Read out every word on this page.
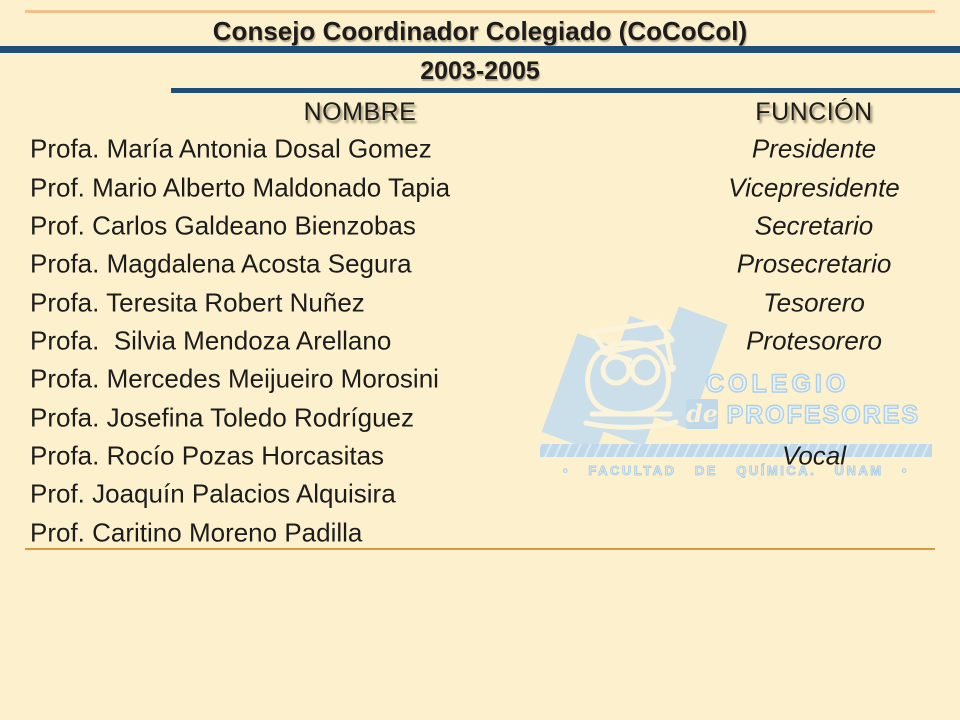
Consejo Coordinador Colegiado (CoCoCol)
2003-2005
NOMBRE	FUNCIÓN
COLEGIO
de PROFESORES
•   FACULTAD   DE   QUÍMICA.   UNAM   •
Profa. María Antonia Dosal Gomez	Presidente
Prof. Mario Alberto Maldonado Tapia	Vicepresidente
Prof. Carlos Galdeano Bienzobas	Secretario
Profa. Magdalena Acosta Segura	Prosecretario
Profa. Teresita Robert Nuñez	Tesorero
Profa.  Silvia Mendoza Arellano	Protesorero
Profa. Mercedes Meijueiro Morosini
Profa. Josefina Toledo Rodríguez
Profa. Rocío Pozas Horcasitas	Vocal
Prof. Joaquín Palacios Alquisira
Prof. Caritino Moreno Padilla
